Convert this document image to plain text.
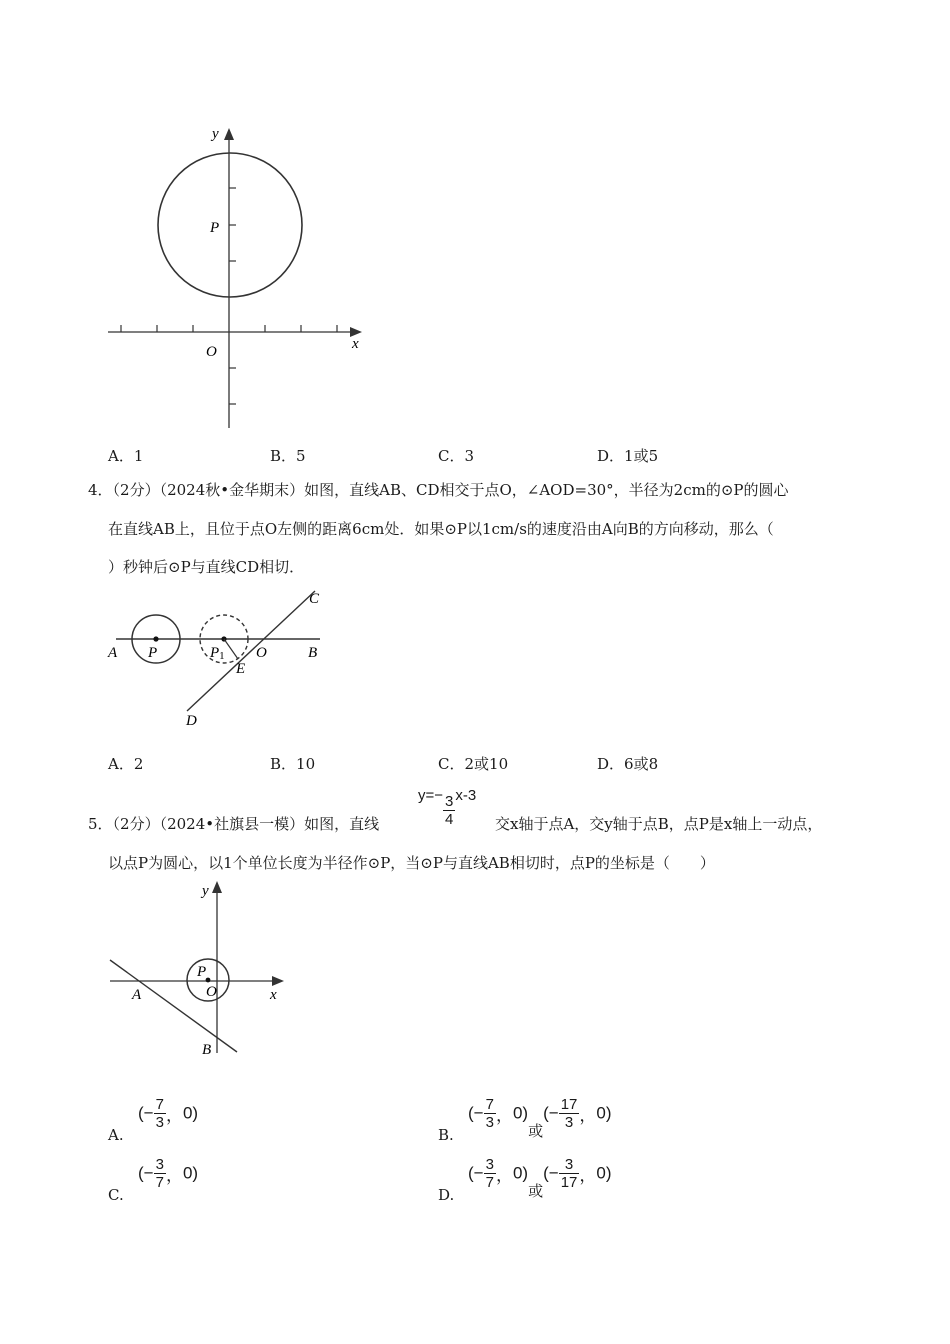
y
x
O
P
A．1	B．5	C．3	D．1或5
4．（2分）（2024秋•金华期末）如图，直线AB、CD相交于点O，∠AOD=30°，半径为2cm的⊙P的圆心
在直线AB上，且位于点O左侧的距离6cm处．如果⊙P以1cm/s的速度沿由A向B的方向移动，那么（
）秒钟后⊙P与直线CD相切．
A P	P1 O	B
E
C
D
A．2	B．10	C．2或10	D．6或8
5．（2分）（2024•社旗县一模）如图，直线
$y=- \frac{3}{4} x-3$
交x轴于点A，交y轴于点B，点P是x轴上一动点，
以点P为圆心，以1个单位长度为半径作⊙P，当⊙P与直线AB相切时，点P的坐标是（　　）
y
x
A
B
O
P
A.
(− $\frac{7}{3}$ ，0)
B.
(− $\frac{7}{3}$ ，0)或(− $\frac{17}{3}$ ，0)
C.
(− $\frac{3}{7}$ ，0)
D.
(− $\frac{3}{7}$ ，0)或(− $\frac{3}{17}$ ，0)
